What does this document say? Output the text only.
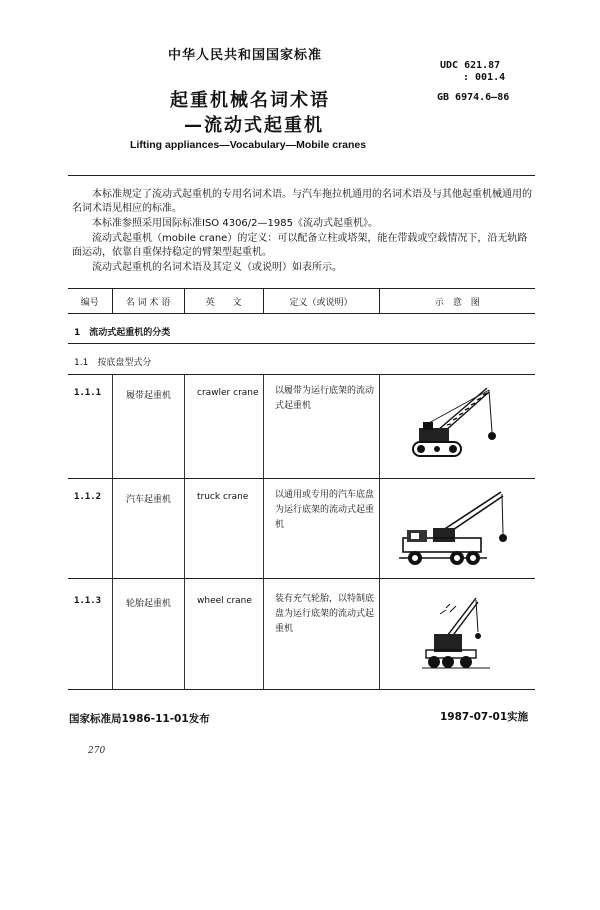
中华人民共和国国家标准
UDC 621.87
: 001.4
GB 6974.6—86
起重机械名词术语
—流动式起重机
Lifting appliances—Vocabulary—Mobile cranes
本标准规定了流动式起重机的专用名词术语。与汽车拖拉机通用的名词术语及与其他起重机械通用的名词术语见相应的标准。
本标准参照采用国际标准ISO 4306/2—1985《流动式起重机》。
流动式起重机（mobile crane）的定义：可以配备立柱或塔架，能在带载或空载情况下，沿无轨路面运动，依靠自重保持稳定的臂架型起重机。
流动式起重机的名词术语及其定义（或说明）如表所示。
编号	名 词 术 语	英　　文	定义（或说明）	示　意　图
1　流动式起重机的分类
1.1　按底盘型式分
1.1.1	履带起重机	crawler crane 以履带为运行底架的流动式起重机
1.1.2	汽车起重机	truck crane	以通用或专用的汽车底盘为运行底架的流动式起重机
1.1.3	轮胎起重机	wheel crane	装有充气轮胎，以特制底盘为运行底架的流动式起重机
国家标准局1986-11-01发布	1987-07-01实施
270
